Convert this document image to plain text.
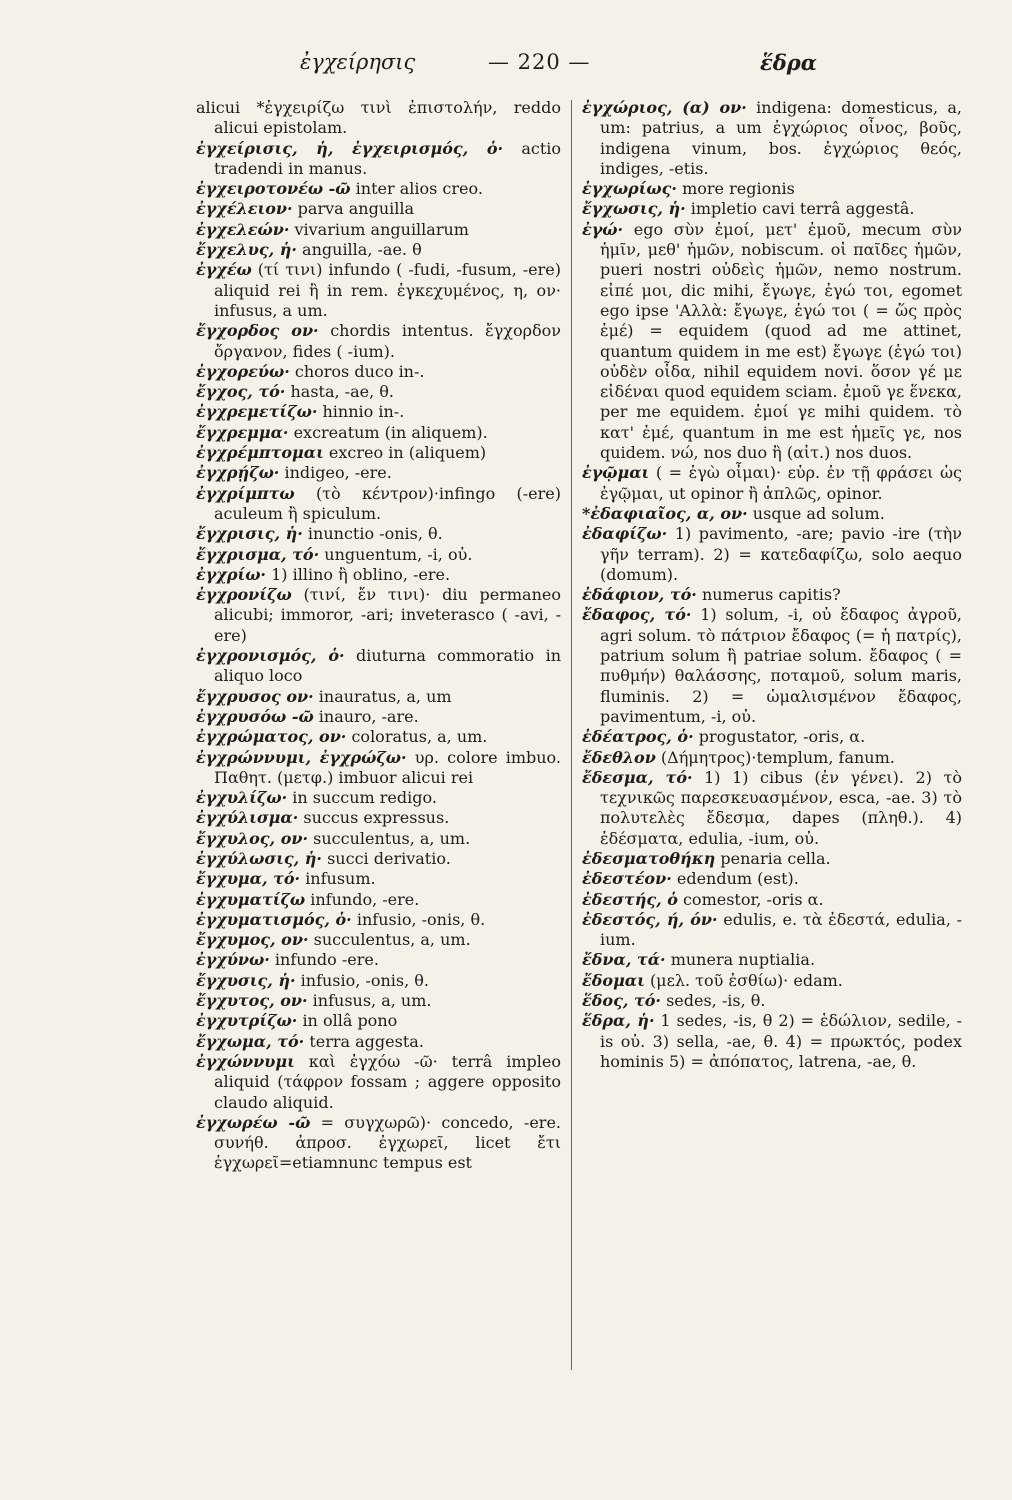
ἐγχείρησις	— 220 —	ἕδρα

alicui *ἐγχειρίζω τινὶ ἐπιστολήν, reddo alicui epistolam.

ἐγχείρισις, ἡ, ἐγχειρισμός, ὁ· actio tradendi in manus.

ἐγχειροτονέω -ῶ inter alios creo.

ἐγχέλειον· parva anguilla

ἐγχελεών· vivarium anguillarum

ἔγχελυς, ἡ· anguilla, -ae. θ

ἐγχέω (τί τινι) infundo ( -fudi, -fusum, -ere) aliquid rei ἢ in rem. ἐγκεχυμένος, η, ον· infusus, a um.

ἔγχορδος ον· chordis intentus. ἔγχορδον ὄργανον, fides ( -ium).

ἐγχορεύω· choros duco in-.

ἔγχος, τό· hasta, -ae, θ.

ἐγχρεμετίζω· hinnio in-.

ἔγχρεμμα· excreatum (in aliquem).

ἐγχρέμπτομαι excreo in (aliquem)

ἐγχρῄζω· indigeo, -ere.

ἐγχρίμπτω (τὸ κέντρον)·infingo (-ere) aculeum ἢ spiculum.

ἔγχρισις, ἡ· inunctio -onis, θ.

ἔγχρισμα, τό· unguentum, -i, οὐ.

ἐγχρίω· 1) illino ἢ oblino, -ere.

ἐγχρονίζω (τινί, ἔν τινι)· diu permaneo alicubi; immoror, -ari; inveterasco ( -avi, -ere)

ἐγχρονισμός, ὁ· diuturna commoratio in aliquo loco

ἔγχρυσος ον· inauratus, a, um

ἐγχρυσόω -ῶ inauro, -are.

ἐγχρώματος, ον· coloratus, a, um.

ἐγχρώννυμι, ἐγχρώζω· υρ. colore imbuo. Παθητ. (μετφ.) imbuor alicui rei

ἐγχυλίζω· in succum redigo.

ἐγχύλισμα· succus expressus.

ἔγχυλος, ον· succulentus, a, um.

ἐγχύλωσις, ἡ· succi derivatio.

ἔγχυμα, τό· infusum.

ἐγχυματίζω infundo, -ere.

ἐγχυματισμός, ὁ· infusio, -onis, θ.

ἔγχυμος, ον· succulentus, a, um.

ἐγχύνω· infundo -ere.

ἔγχυσις, ἡ· infusio, -onis, θ.

ἔγχυτος, ον· infusus, a, um.

ἐγχυτρίζω· in ollâ pono

ἔγχωμα, τό· terra aggesta.

ἐγχώννυμι καὶ ἐγχόω -ῶ· terrâ impleo aliquid (τάφρον fossam ; aggere opposito claudo aliquid.

ἐγχωρέω -ῶ = συγχωρῶ)· concedo, -ere. συνήθ. ἀπροσ. ἐγχωρεῖ, licet ἔτι ἐγχωρεῖ=etiamnunc tempus est

ἐγχώριος, (α) ον· indigena: domesticus, a, um: patrius, a um ἐγχώριος οἶνος, βοῦς, indigena vinum, bos. ἐγχώριος θεός, indiges, -etis.

ἐγχωρίως· more regionis

ἔγχωσις, ἡ· impletio cavi terrâ aggestâ.

ἐγώ· ego σὺν ἐμοί, μετ' ἐμοῦ, mecum σὺν ἡμῖν, μεθ' ἡμῶν, nobiscum. οἱ παῖδες ἡμῶν, pueri nostri οὐδεὶς ἡμῶν, nemo nostrum. εἰπέ μοι, dic mihi, ἔγωγε, ἐγώ τοι, egomet ego ipse 'Αλλὰ: ἔγωγε, ἐγώ τοι ( = ὥς πρὸς ἐμέ) = equidem (quod ad me attinet, quantum quidem in me est) ἔγωγε (ἐγώ τοι) οὐδὲν οἶδα, nihil equidem novi. ὅσον γέ με εἰδέναι quod equidem sciam. ἐμοῦ γε ἕνεκα, per me equidem. ἐμοί γε mihi quidem. τὸ κατ' ἐμέ, quantum in me est ἡμεῖς γε, nos quidem. νώ, nos duo ἢ (αἰτ.) nos duos.

ἐγῷμαι ( = ἐγὼ οἶμαι)· εὑρ. ἐν τῇ φράσει ὡς ἐγῷμαι, ut opinor ἢ ἁπλῶς, opinor.

*ἐδαφιαῖος, α, ον· usque ad solum.

ἐδαφίζω· 1) pavimento, -are; pavio -ire (τὴν γῆν terram). 2) = κατεδαφίζω, solo aequo (domum).

ἐδάφιον, τό· numerus capitis?

ἔδαφος, τό· 1) solum, -i, οὐ ἔδαφος ἀγροῦ, agri solum. τὸ πάτριον ἔδαφος (= ἡ πατρίς), patrium solum ἢ patriae solum. ἔδαφος ( = πυθμήν) θαλάσσης, ποταμοῦ, solum maris, fluminis. 2) = ὡμαλισμένον ἔδαφος, pavimentum, -i, οὐ.

ἐδέατρος, ὁ· progustator, -oris, α.

ἔδεθλον (Δήμητρος)·templum, fanum.

ἔδεσμα, τό· 1) 1) cibus (ἐν γένει). 2) τὸ τεχνικῶς παρεσκευασμένον, esca, -ae. 3) τὸ πολυτελὲς ἔδεσμα, dapes (πληθ.). 4) ἐδέσματα, edulia, -ium, οὐ.

ἐδεσματοθήκη penaria cella.

ἐδεστέον· edendum (est).

ἐδεστής, ὁ comestor, -oris α.

ἐδεστός, ή, όν· edulis, e. τὰ ἐδεστά, edulia, -ium.

ἔδνα, τά· munera nuptialia.

ἔδομαι (μελ. τοῦ ἐσθίω)· edam.

ἕδος, τό· sedes, -is, θ.

ἕδρα, ἡ· 1 sedes, -is, θ 2) = ἑδώλιον, sedile, -is οὐ. 3) sella, -ae, θ. 4) = πρωκτός, podex hominis 5) = ἀπόπατος, latrena, -ae, θ.
